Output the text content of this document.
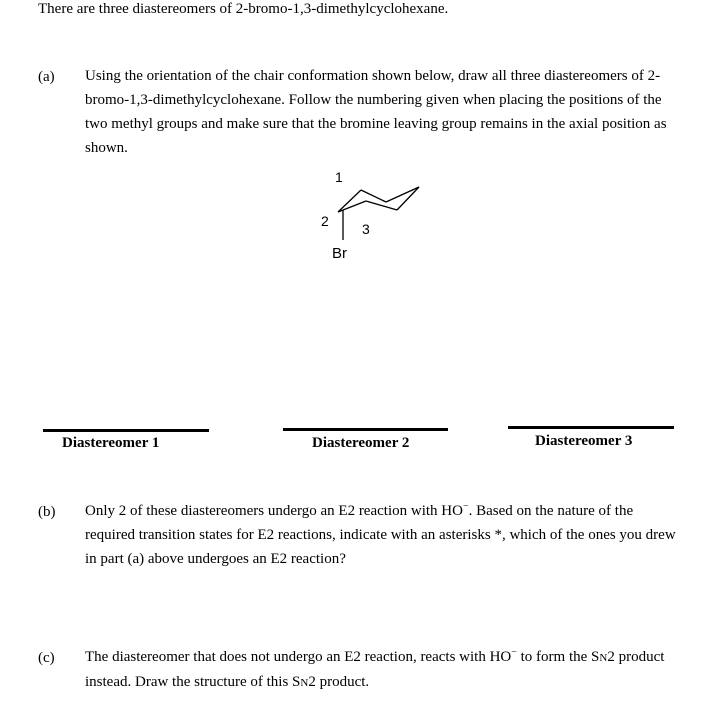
There are three diastereomers of 2-bromo-1,3-dimethylcyclohexane.
(a) Using the orientation of the chair conformation shown below, draw all three diastereomers of 2-bromo-1,3-dimethylcyclohexane. Follow the numbering given when placing the positions of the two methyl groups and make sure that the bromine leaving group remains in the axial position as shown.
1
2 3
Br
Diastereomer 1	Diastereomer 2	Diastereomer 3
(b) Only 2 of these diastereomers undergo an E2 reaction with HO−. Based on the nature of the required transition states for E2 reactions, indicate with an asterisks *, which of the ones you drew in part (a) above undergoes an E2 reaction?
(c) The diastereomer that does not undergo an E2 reaction, reacts with HO− to form the SN2 product instead. Draw the structure of this SN2 product.
